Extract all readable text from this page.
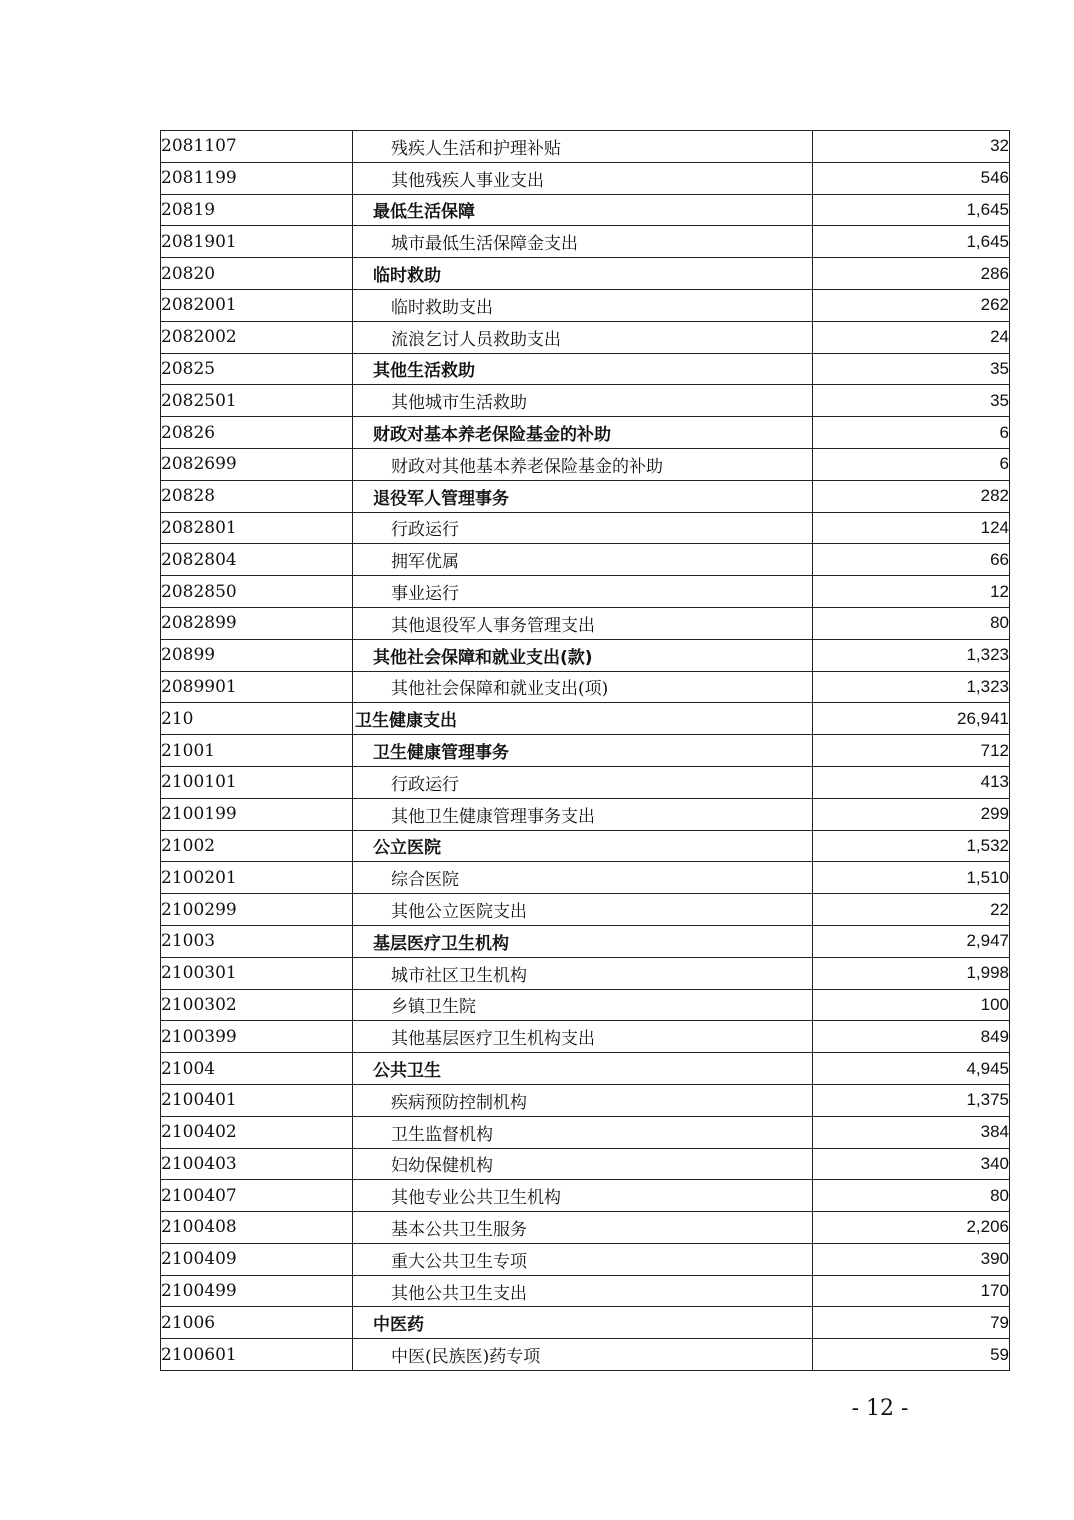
2081107	残疾人生活和护理补贴	32
2081199	其他残疾人事业支出	546
20819	最低生活保障	1,645
2081901	城市最低生活保障金支出	1,645
20820	临时救助	286
2082001	临时救助支出	262
2082002	流浪乞讨人员救助支出	24
20825	其他生活救助	35
2082501	其他城市生活救助	35
20826	财政对基本养老保险基金的补助	6
2082699	财政对其他基本养老保险基金的补助	6
20828	退役军人管理事务	282
2082801	行政运行	124
2082804	拥军优属	66
2082850	事业运行	12
2082899	其他退役军人事务管理支出	80
20899	其他社会保障和就业支出(款)	1,323
2089901	其他社会保障和就业支出(项)	1,323
210	卫生健康支出	26,941
21001	卫生健康管理事务	712
2100101	行政运行	413
2100199	其他卫生健康管理事务支出	299
21002	公立医院	1,532
2100201	综合医院	1,510
2100299	其他公立医院支出	22
21003	基层医疗卫生机构	2,947
2100301	城市社区卫生机构	1,998
2100302	乡镇卫生院	100
2100399	其他基层医疗卫生机构支出	849
21004	公共卫生	4,945
2100401	疾病预防控制机构	1,375
2100402	卫生监督机构	384
2100403	妇幼保健机构	340
2100407	其他专业公共卫生机构	80
2100408	基本公共卫生服务	2,206
2100409	重大公共卫生专项	390
2100499	其他公共卫生支出	170
21006	中医药	79
2100601	中医(民族医)药专项	59
- 12 -
